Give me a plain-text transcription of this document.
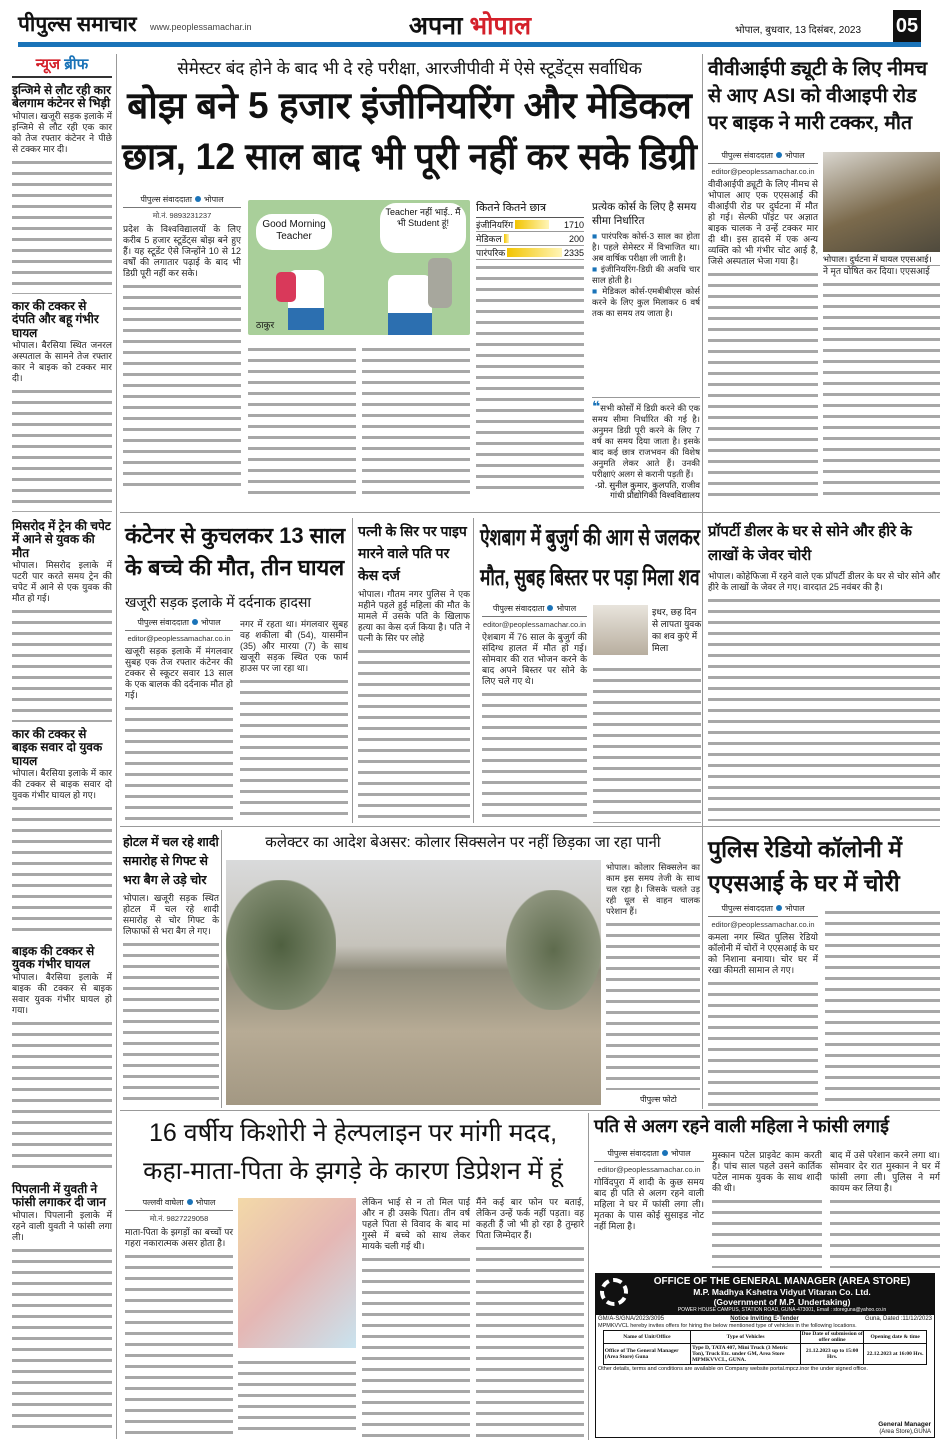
पीपुल्स समाचार	www.peoplessamachar.in	अपना भोपाल	भोपाल, बुधवार, 13 दिसंबर, 2023	05
न्यूज ब्रीफ
इन्जिमे से लौट रही कार बेलगाम कंटेनर से भिड़ी
भोपाल। खजूरी सड़क इलाके में इन्जिमे से लौट रही एक कार को तेज रफ्तार कंटेनर ने पीछे से टक्कर मार दी।
कार की टक्कर से दंपति और बहू गंभीर घायल
भोपाल। बैरसिया स्थित जनरल अस्पताल के सामने तेज रफ्तार कार ने बाइक को टक्कर मार दी।
मिसरोद में ट्रेन की चपेट में आने से युवक की मौत
भोपाल। मिसरोद इलाके में पटरी पार करते समय ट्रेन की चपेट में आने से एक युवक की मौत हो गई।
कार की टक्कर से बाइक सवार दो युवक घायल
भोपाल। बैरसिया इलाके में कार की टक्कर से बाइक सवार दो युवक गंभीर घायल हो गए।
बाइक की टक्कर से युवक गंभीर घायल
भोपाल। बैरसिया इलाके में बाइक की टक्कर से बाइक सवार युवक गंभीर घायल हो गया।
पिपलानी में युवती ने फांसी लगाकर दी जान
भोपाल। पिपलानी इलाके में रहने वाली युवती ने फांसी लगा ली।
सेमेस्टर बंद होने के बाद भी दे रहे परीक्षा, आरजीपीवी में ऐसे स्टूडेंट्स सर्वाधिक
बोझ बने 5 हजार इंजीनियरिंग और मेडिकल
छात्र, 12 साल बाद भी पूरी नहीं कर सके डिग्री
पीपुल्स संवाददाता भोपाल
मो.नं. 9893231237
प्रदेश के विश्वविद्यालयों के लिए करीब 5 हजार स्टूडेंट्स बोझ बने हुए हैं। यह स्टूडेंट ऐसे जिन्होंने 10 से 12 वर्षों की लगातार पढ़ाई के बाद भी डिग्री पूरी नहीं कर सके।
Good Morning Teacher
Teacher नहीं भाई.. मैं भी Student हूं!
ठाकुर
कितने कितने छात्र
इंजीनियरिंग	1710
मेडिकल	200
पारंपरिक	2335
प्रत्येक कोर्स के लिए है समय सीमा निर्धारित
■ पारंपरिक कोर्स-3 साल का होता है। पहले सेमेस्टर में विभाजित था। अब वार्षिक परीक्षा ली जाती है।
■ इंजीनियरिंग-डिग्री की अवधि चार साल होती है।
■ मेडिकल कोर्स-एमबीबीएस कोर्स करने के लिए कुल मिलाकर 6 वर्ष तक का समय तय जाता है।
❝सभी कोर्सों में डिग्री करने की एक समय सीमा निर्धारित की गई है। अनुमन डिग्री पूरी करने के लिए 7 वर्ष का समय दिया जाता है। इसके बाद कई छात्र राजभवन की विशेष अनुमति लेकर आते हैं। उनकी परीक्षाएं अलग से करानी पड़ती हैं।
-प्रो. सुनील कुमार, कुलपति, राजीव गांधी प्रौद्योगिकी विश्वविद्यालय
वीवीआईपी ड्यूटी के लिए नीमच से आए ASI को वीआइपी रोड पर बाइक ने मारी टक्कर, मौत
पीपुल्स संवाददाता भोपाल
editor@peoplessamachar.co.in
वीवीआईपी ड्यूटी के लिए नीमच से भोपाल आए एक एएसआई की वीआईपी रोड पर दुर्घटना में मौत हो गई। सेल्फी पॉइंट पर अज्ञात बाइक चालक ने उन्हें टक्कर मार दी थी। इस हादसे में एक अन्य व्यक्ति को भी गंभीर चोट आई है, जिसे अस्पताल भेजा गया है।	भोपाल। दुर्घटना में घायल एएसआई।
ने मृत घोषित कर दिया। एएसआई
कंटेनर से कुचलकर 13 साल के बच्चे की मौत, तीन घायल
खजूरी सड़क इलाके में दर्दनाक हादसा
पीपुल्स संवाददाता भोपाल
editor@peoplessamachar.co.in
खजूरी सड़क इलाके में मंगलवार सुबह एक तेज रफ्तार कंटेनर की टक्कर से स्कूटर सवार 13 साल के एक बालक की दर्दनाक मौत हो गई।
नगर में रहता था। मंगलवार सुबह वह शकीला बी (54), यासमीन (35) और मारया (7) के साथ खजूरी सड़क स्थित एक फार्म हाउस पर जा रहा था।
पत्नी के सिर पर पाइप मारने वाले पति पर केस दर्ज
भोपाल। गौतम नगर पुलिस ने एक महीने पहले हुई महिला की मौत के मामले में उसके पति के खिलाफ हत्या का केस दर्ज किया है। पति ने पत्नी के सिर पर लोहे
ऐशबाग में बुजुर्ग की आग से जलकर
मौत, सुबह बिस्तर पर पड़ा मिला शव
पीपुल्स संवाददाता भोपाल
editor@peoplessamachar.co.in
ऐशबाग में 76 साल के बुजुर्ग की संदिग्ध हालत में मौत हो गई। सोमवार की रात भोजन करने के बाद अपने बिस्तर पर सोने के लिए चले गए थे।
इधर, छह दिन से लापता युवक का शव कुएं में मिला
प्रॉपर्टी डीलर के घर से सोने और हीरे के लाखों के जेवर चोरी
भोपाल। कोहेफिजा में रहने वाले एक प्रॉपर्टी डीलर के घर से चोर सोने और हीरे के लाखों के जेवर ले गए। वारदात 25 नवंबर की है।
होटल में चल रहे शादी समारोह से गिफ्ट से भरा बैग ले उड़े चोर
भोपाल। खजूरी सड़क स्थित होटल में चल रहे शादी समारोह से चोर गिफ्ट के लिफाफों से भरा बैग ले गए।
कलेक्टर का आदेश बेअसर: कोलार सिक्सलेन पर नहीं छिड़का जा रहा पानी
भोपाल। कोलार सिक्सलेन का काम इस समय तेजी के साथ चल रहा है। जिसके चलते उड़ रही धूल से वाहन चालक परेशान हैं।
पीपुल्स फोटो
पुलिस रेडियो कॉलोनी में एएसआई के घर में चोरी
पीपुल्स संवाददाता भोपाल
editor@peoplessamachar.co.in
कमला नगर स्थित पुलिस रेडियो कॉलोनी में चोरों ने एएसआई के घर को निशाना बनाया। चोर घर में रखा कीमती सामान ले गए।
16 वर्षीय किशोरी ने हेल्पलाइन पर मांगी मदद,
कहा-माता-पिता के झगड़े के कारण डिप्रेशन में हूं
पल्लवी वाघेला भोपाल
मो.नं. 9827229058
माता-पिता के झगड़ों का बच्चों पर गहरा नकारात्मक असर होता है।
लेकिन भाई से न तो मिल पाई और न ही उसके पिता। तीन वर्ष पहले पिता से विवाद के बाद मां गुस्से में बच्चे को साथ लेकर मायके चली गई थी।
मैंने कई बार फोन पर बताई, लेकिन उन्हें फर्क नहीं पड़ता। वह कहती हैं जो भी हो रहा है तुम्हारे पिता जिम्मेदार हैं।
पति से अलग रहने वाली महिला ने फांसी लगाई
पीपुल्स संवाददाता भोपाल
editor@peoplessamachar.co.in
गोविंदपुरा में शादी के कुछ समय बाद ही पति से अलग रहने वाली महिला ने घर में फांसी लगा ली। मृतका के पास कोई सुसाइड नोट नहीं मिला है।
मुस्कान पटेल प्राइवेट काम करती है। पांच साल पहले उसने कार्तिक पटेल नामक युवक के साथ शादी की थी।
बाद में उसे परेशान करने लगा था। सोमवार देर रात मुस्कान ने घर में फांसी लगा ली। पुलिस ने मर्ग कायम कर लिया है।
OFFICE OF THE GENERAL MANAGER (AREA STORE)
M.P. Madhya Kshetra Vidyut Vitaran Co. Ltd.
(Government of M.P. Undertaking)
POWER HOUSE CAMPUS, STATION ROAD, GUNA-473001, Email : storeguna@yahoo.co.in
GM/A-S/GNA/2023/3095	Notice Inviting E-Tender	Guna, Dated :11/12/2023
MPMKVVCL hereby invites offers for hiring the below mentioned type of vehicles in the following locations.
Name of Unit/Office	Type of Vehicles	Due Date of submission of offer online	Opening date & time
Office of The General Manager (Area Store) Guna	Type D, TATA 407, Mini Truck (3 Metric Ton), Truck Etc. under GM, Area Store MPMKVVCL, GUNA.	21.12.2023 up to 15:00 Hrs.	22.12.2023 at 16:00 Hrs.
Other details, terms and conditions are available on Company website portal.mpcz.inor the under signed office.
General Manager
(Area Store),GUNA
